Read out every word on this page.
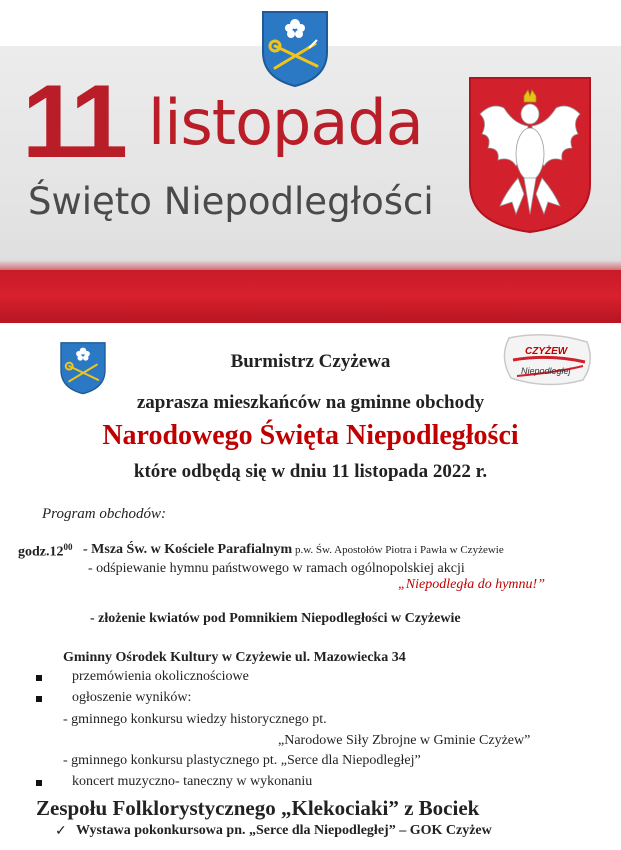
11 listopada
Święto Niepodległości
CZYŻEW
Niepodległej
Burmistrz Czyżewa
zaprasza mieszkańców na gminne obchody
Narodowego Święta Niepodległości
które odbędą się w dniu 11 listopada 2022 r.
Program obchodów:
$godz.12^{00}$ - Msza Św. w Kościele Parafialnym p.w. Św. Apostołów Piotra i Pawła w Czyżewie
- odśpiewanie hymnu państwowego w ramach ogólnopolskiej akcji
„Niepodległa do hymnu!”
- złożenie kwiatów pod Pomnikiem Niepodległości w Czyżewie
Gminny Ośrodek Kultury w Czyżewie ul. Mazowiecka 34
przemówienia okolicznościowe
ogłoszenie wyników:
- gminnego konkursu wiedzy historycznego pt.
„Narodowe Siły Zbrojne w Gminie Czyżew”
- gminnego konkursu plastycznego pt. „Serce dla Niepodległej”
koncert muzyczno- taneczny w wykonaniu
Zespołu Folklorystycznego „Klekociaki” z Bociek
✓ Wystawa pokonkursowa pn. „Serce dla Niepodległej” – GOK Czyżew
